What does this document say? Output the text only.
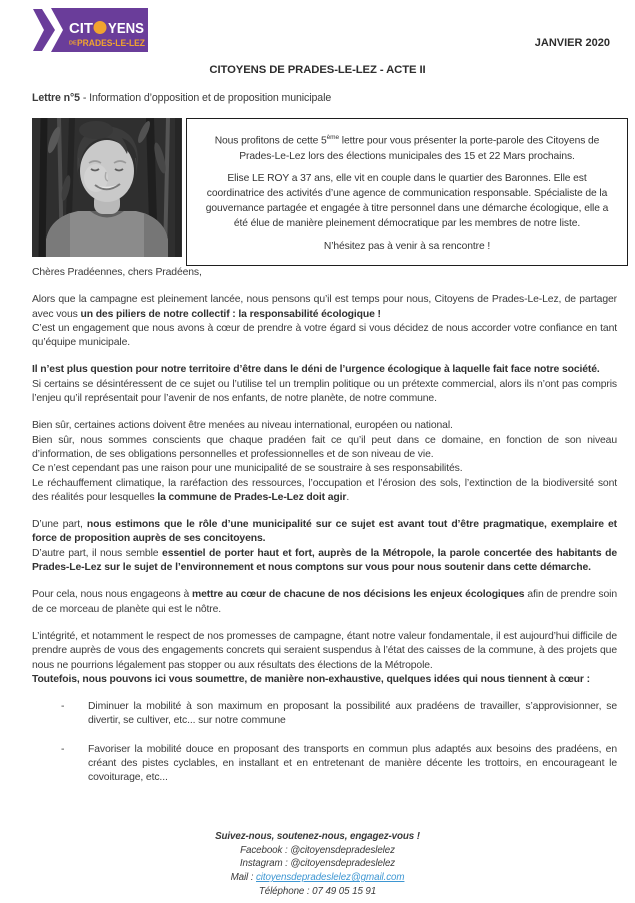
CIT YENS
DE PRADES-LE-LEZ	JANVIER 2020
CITOYENS DE PRADES-LE-LEZ - ACTE II
Lettre n°5 - Information d’opposition et de proposition municipale

Nous profitons de cette 5ème lettre pour vous présenter la porte-parole des Citoyens de Prades-Le-Lez lors des élections municipales des 15 et 22 Mars prochains.

Elise LE ROY a 37 ans, elle vit en couple dans le quartier des Baronnes. Elle est coordinatrice des activités d’une agence de communication responsable. Spécialiste de la gouvernance partagée et engagée à titre personnel dans une démarche écologique, elle a été élue de manière pleinement démocratique par les membres de notre liste.

N’hésitez pas à venir à sa rencontre !

Chères Pradéennes, chers Pradéens,

Alors que la campagne est pleinement lancée, nous pensons qu’il est temps pour nous, Citoyens de Prades-Le-Lez, de partager avec vous un des piliers de notre collectif : la responsabilité écologique !
C’est un engagement que nous avons à cœur de prendre à votre égard si vous décidez de nous accorder votre confiance en tant qu’équipe municipale.

Il n’est plus question pour notre territoire d’être dans le déni de l’urgence écologique à laquelle fait face notre société.
Si certains se désintéressent de ce sujet ou l’utilise tel un tremplin politique ou un prétexte commercial, alors ils n’ont pas compris l’enjeu qu’il représentait pour l’avenir de nos enfants, de notre planète, de notre commune.

Bien sûr, certaines actions doivent être menées au niveau international, européen ou national.
Bien sûr, nous sommes conscients que chaque pradéen fait ce qu’il peut dans ce domaine, en fonction de son niveau d’information, de ses obligations personnelles et professionnelles et de son niveau de vie.
Ce n’est cependant pas une raison pour une municipalité de se soustraire à ses responsabilités.
Le réchauffement climatique, la raréfaction des ressources, l’occupation et l’érosion des sols, l’extinction de la biodiversité sont des réalités pour lesquelles la commune de Prades-Le-Lez doit agir.

D’une part, nous estimons que le rôle d’une municipalité sur ce sujet est avant tout d’être pragmatique, exemplaire et force de proposition auprès de ses concitoyens.
D’autre part, il nous semble essentiel de porter haut et fort, auprès de la Métropole, la parole concertée des habitants de Prades-Le-Lez sur le sujet de l’environnement et nous comptons sur vous pour nous soutenir dans cette démarche.

Pour cela, nous nous engageons à mettre au cœur de chacune de nos décisions les enjeux écologiques afin de prendre soin de ce morceau de planète qui est le nôtre.

L’intégrité, et notamment le respect de nos promesses de campagne, étant notre valeur fondamentale, il est aujourd’hui difficile de prendre auprès de vous des engagements concrets qui seraient suspendus à l’état des caisses de la commune, à des projets que nous ne pourrions légalement pas stopper ou aux résultats des élections de la Métropole.
Toutefois, nous pouvons ici vous soumettre, de manière non-exhaustive, quelques idées qui nous tiennent à cœur :

- Diminuer la mobilité à son maximum en proposant la possibilité aux pradéens de travailler, s’approvisionner, se divertir, se cultiver, etc... sur notre commune
- Favoriser la mobilité douce en proposant des transports en commun plus adaptés aux besoins des pradéens, en créant des pistes cyclables, en installant et en entretenant de manière décente les trottoirs, en encourageant le covoiturage, etc...

Suivez-nous, soutenez-nous, engagez-vous !

Facebook : @citoyensdepradeslelez

Instagram : @citoyensdepradeslelez

Mail : citoyensdepradeslelez@gmail.com

Téléphone : 07 49 05 15 91
